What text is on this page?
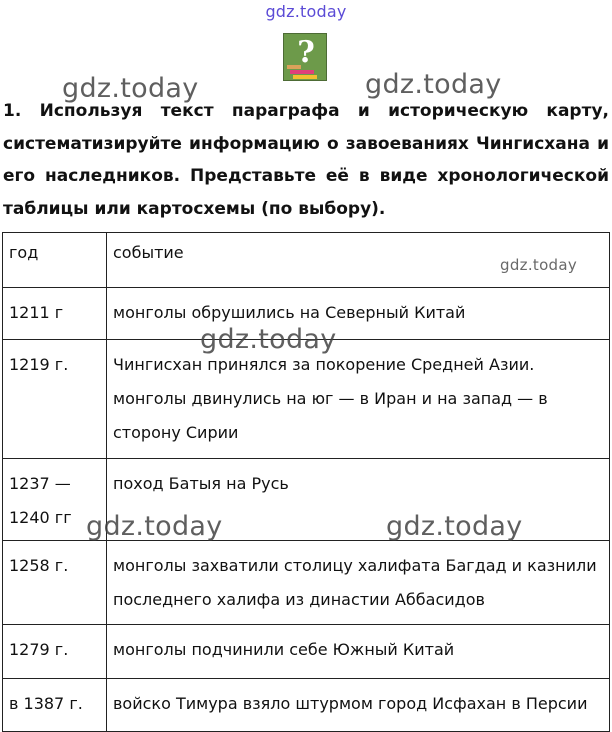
gdz.today
?

1. Используя текст параграфа и историческую карту, систематизируйте информацию о завоеваниях Чингисхана и его наследников. Представьте её в виде хронологической таблицы или картосхемы (по выбору).

год	событие
1211 г	монголы обрушились на Северный Китай

1219 г.	Чингисхан принялся за покорение Средней Азии.
монголы двинулись на юг — в Иран и на запад — в
сторону Сирии

1237 —
1240 гг	поход Батыя на Русь

1258 г.	монголы захватили столицу халифата Багдад и казнили
последнего халифа из династии Аббасидов

1279 г.	монголы подчинили себе Южный Китай

в 1387 г.	войско Тимура взяло штурмом город Исфахан в Персии
gdz.today	gdz.today
gdz.today
gdz.today
gdz.today	gdz.today
